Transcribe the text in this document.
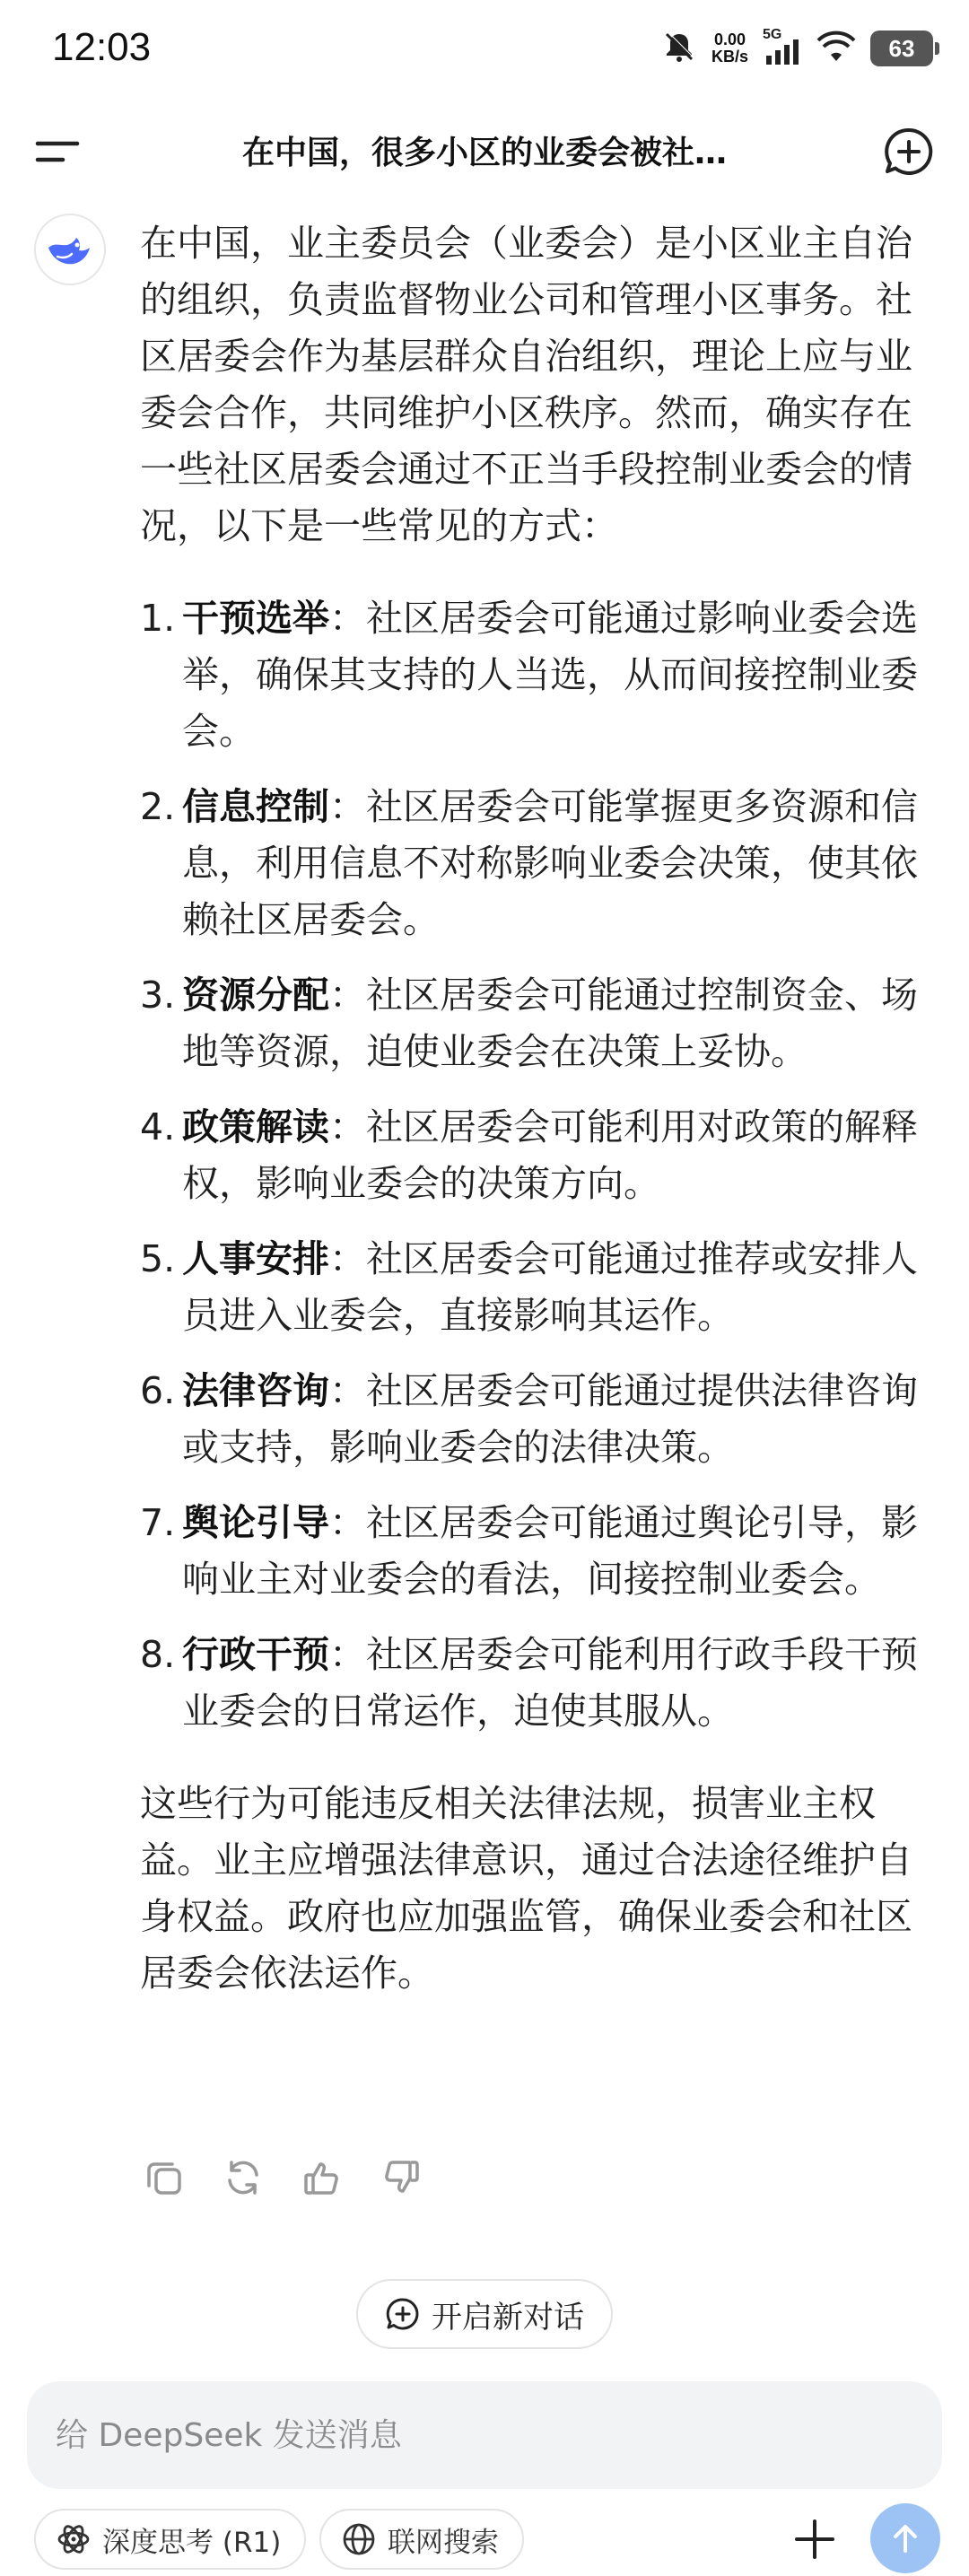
12:03	0.00
KB/s
5G	63
在中国，很多小区的业委会被社…

在中国，业主委员会（业委会）是小区业主自治的组织，负责监督物业公司和管理小区事务。社区居委会作为基层群众自治组织，理论上应与业委会合作，共同维护小区秩序。然而，确实存在一些社区居委会通过不正当手段控制业委会的情况，以下是一些常见的方式：

1. 干预选举：社区居委会可能通过影响业委会选举，确保其支持的人当选，从而间接控制业委会。
2. 信息控制：社区居委会可能掌握更多资源和信息，利用信息不对称影响业委会决策，使其依赖社区居委会。
3. 资源分配：社区居委会可能通过控制资金、场地等资源，迫使业委会在决策上妥协。
4. 政策解读：社区居委会可能利用对政策的解释权，影响业委会的决策方向。
5. 人事安排：社区居委会可能通过推荐或安排人员进入业委会，直接影响其运作。
6. 法律咨询：社区居委会可能通过提供法律咨询或支持，影响业委会的法律决策。
7. 舆论引导：社区居委会可能通过舆论引导，影响业主对业委会的看法，间接控制业委会。
8. 行政干预：社区居委会可能利用行政手段干预业委会的日常运作，迫使其服从。

这些行为可能违反相关法律法规，损害业主权益。业主应增强法律意识，通过合法途径维护自身权益。政府也应加强监管，确保业委会和社区居委会依法运作。

开启新对话
给 DeepSeek 发送消息
深度思考 (R1)	联网搜索
